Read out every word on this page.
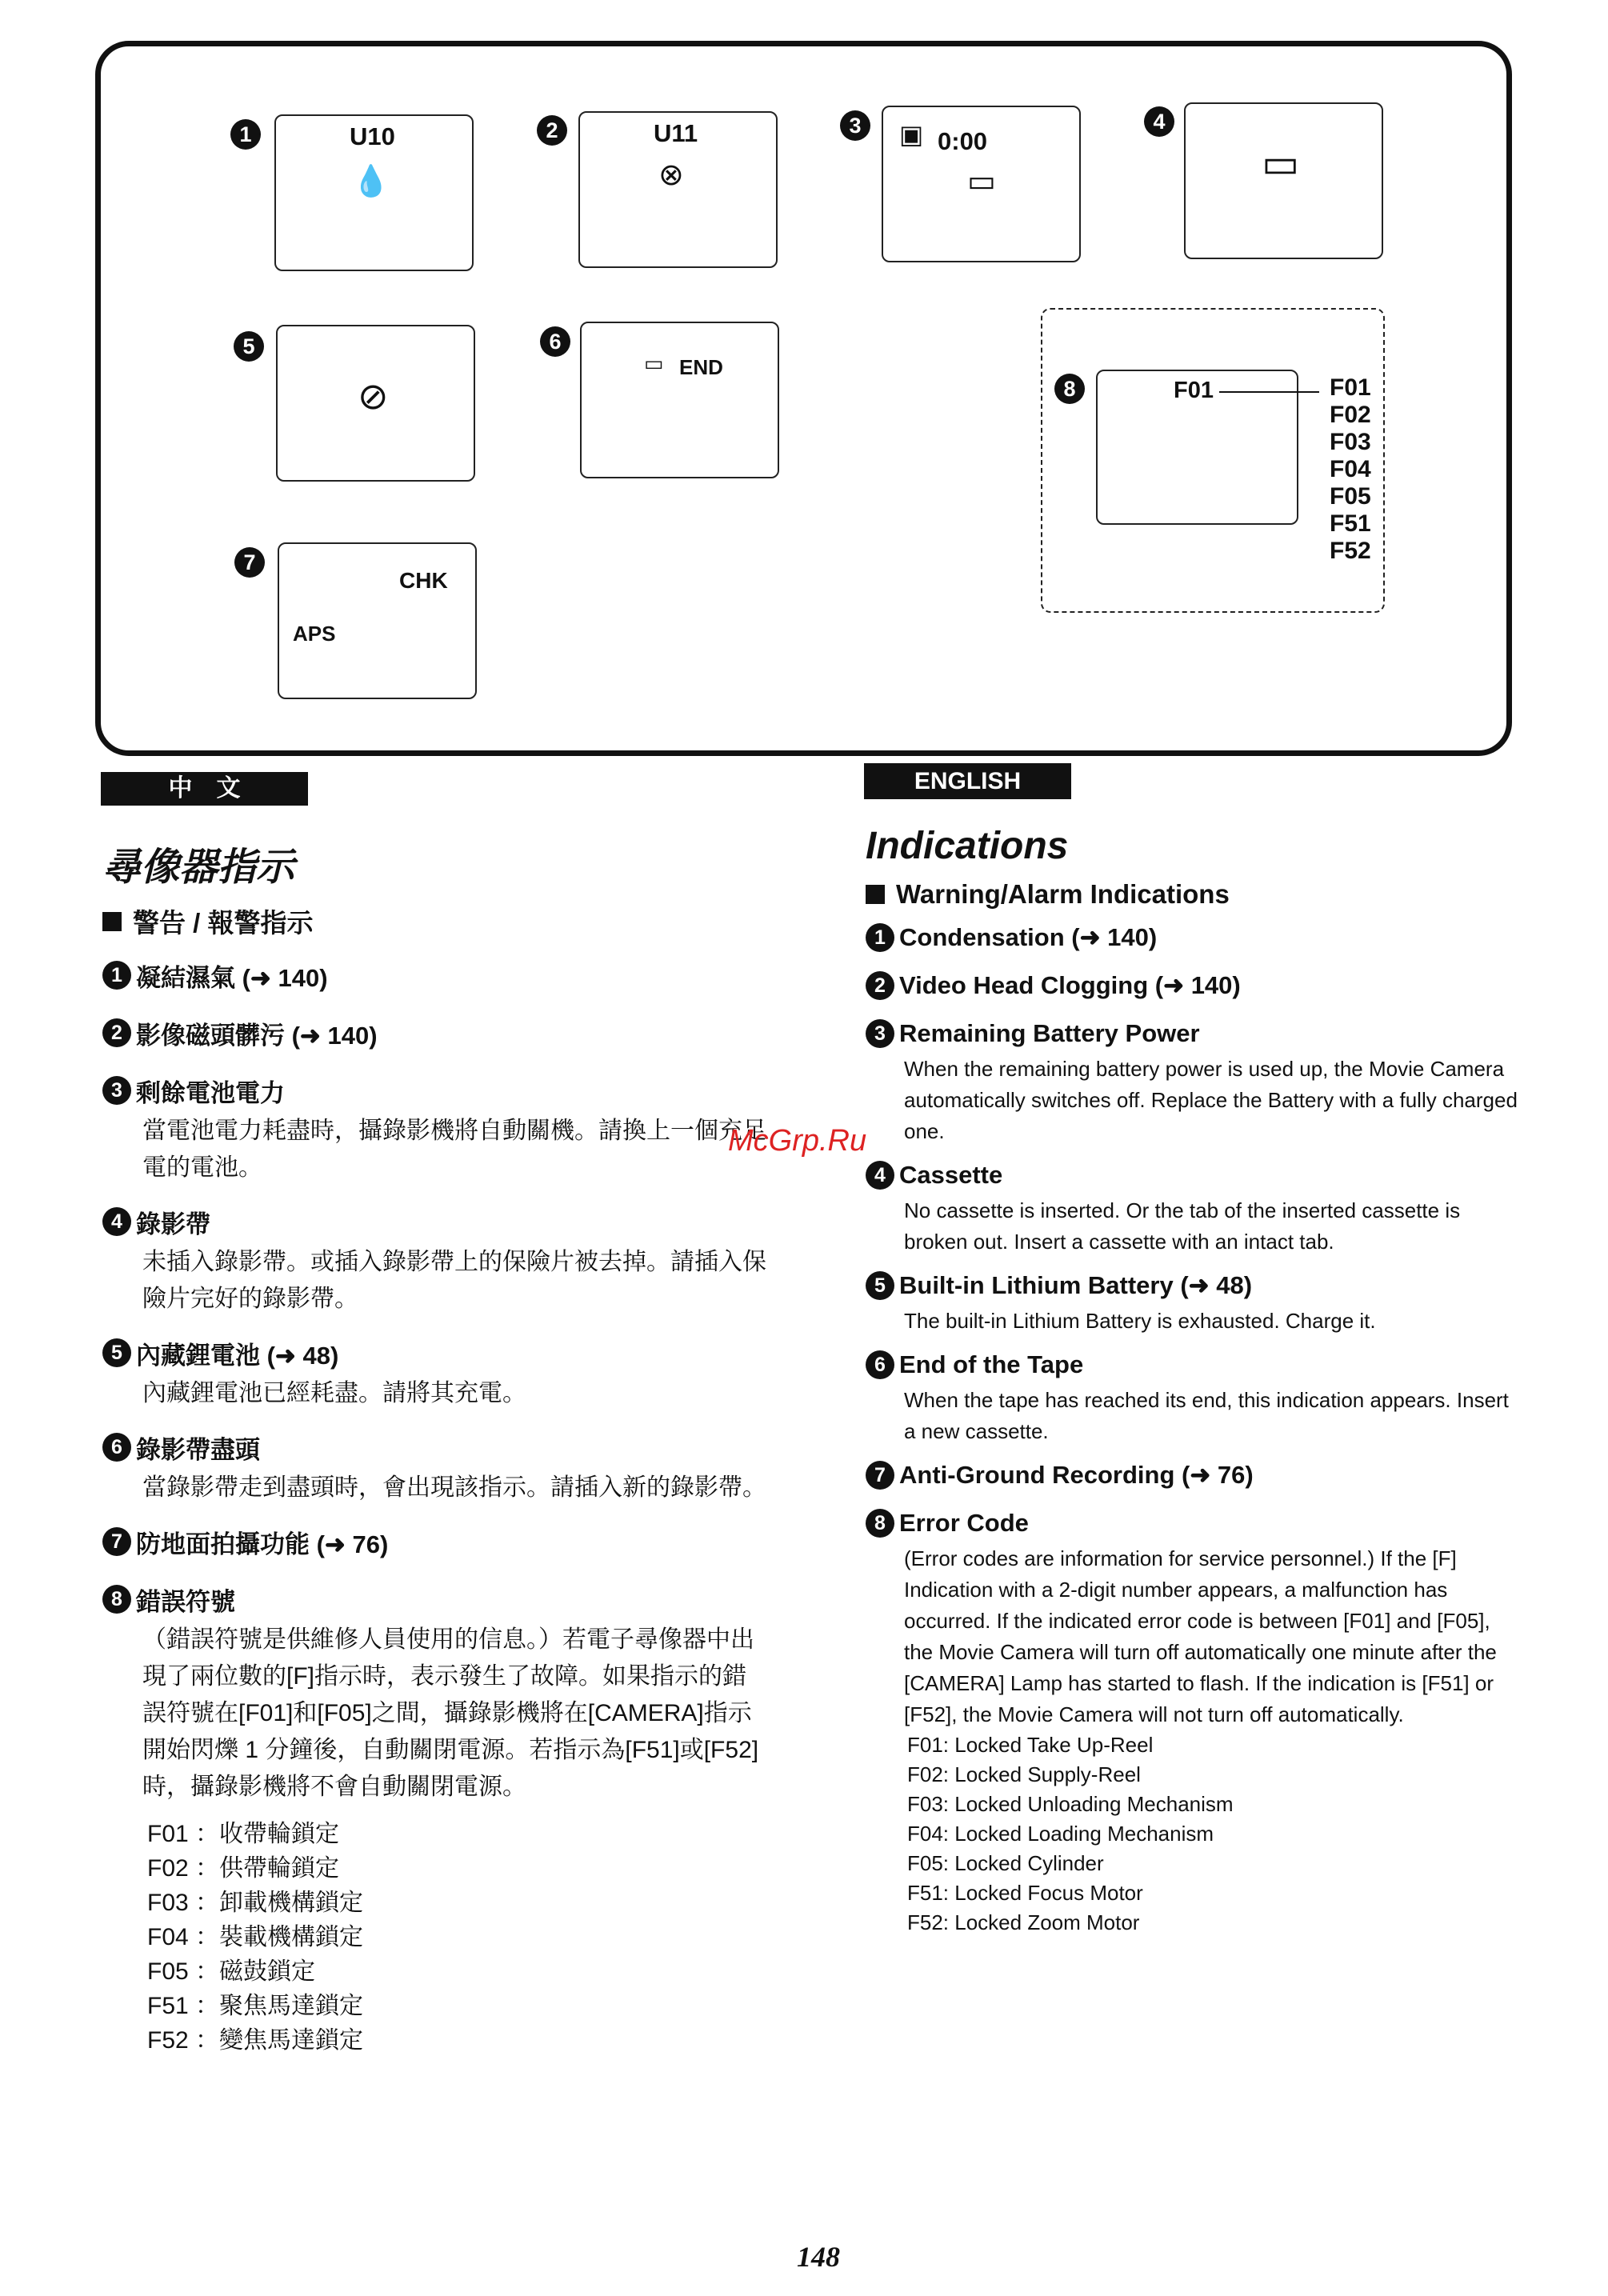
1	U10
💧
2	U11
⊗
3
0:00
▣
▭
4
▭
5
⊘
6
▭ END
7
CHK
APS
8	F01	F01
F02
F03
F04
F05
F51
F52
中　文	ENGLISH
尋像器指示
警告 / 報警指示
1 凝結濕氣 (➜ 140)
2 影像磁頭髒污 (➜ 140)
3 剩餘電池電力
當電池電力耗盡時，攝錄影機將自動關機。請換上一個充足電的電池。
4 錄影帶
未插入錄影帶。或插入錄影帶上的保險片被去掉。請插入保險片完好的錄影帶。
5 內藏鋰電池 (➜ 48)
內藏鋰電池已經耗盡。請將其充電。
6 錄影帶盡頭
當錄影帶走到盡頭時，會出現該指示。請插入新的錄影帶。
7 防地面拍攝功能 (➜ 76)
8 錯誤符號
（錯誤符號是供維修人員使用的信息。）若電子尋像器中出現了兩位數的[F]指示時，表示發生了故障。如果指示的錯誤符號在[F01]和[F05]之間，攝錄影機將在[CAMERA]指示開始閃爍 1 分鐘後，自動關閉電源。若指示為[F51]或[F52]時，攝錄影機將不會自動關閉電源。
F01 ：收帶輪鎖定
F02 ：供帶輪鎖定
F03 ：卸載機構鎖定
F04 ：裝載機構鎖定
F05 ：磁鼓鎖定
F51 ：聚焦馬達鎖定
F52 ：變焦馬達鎖定
Indications
Warning/Alarm Indications
1 Condensation (➜ 140)
2 Video Head Clogging (➜ 140)
3 Remaining Battery Power
When the remaining battery power is used up, the Movie Camera automatically switches off. Replace the Battery with a fully charged one.
4 Cassette
No cassette is inserted. Or the tab of the inserted cassette is broken out. Insert a cassette with an intact tab.
5 Built-in Lithium Battery (➜ 48)
The built-in Lithium Battery is exhausted. Charge it.
6 End of the Tape
When the tape has reached its end, this indication appears. Insert a new cassette.
7 Anti-Ground Recording (➜ 76)
8 Error Code
(Error codes are information for service personnel.) If the [F] Indication with a 2-digit number appears, a malfunction has occurred. If the indicated error code is between [F01] and [F05], the Movie Camera will turn off automatically one minute after the [CAMERA] Lamp has started to flash. If the indication is [F51] or [F52], the Movie Camera will not turn off automatically.
F01: Locked Take Up-Reel
F02: Locked Supply-Reel
F03: Locked Unloading Mechanism
F04: Locked Loading Mechanism
F05: Locked Cylinder
F51: Locked Focus Motor
F52: Locked Zoom Motor
McGrp.Ru
148
